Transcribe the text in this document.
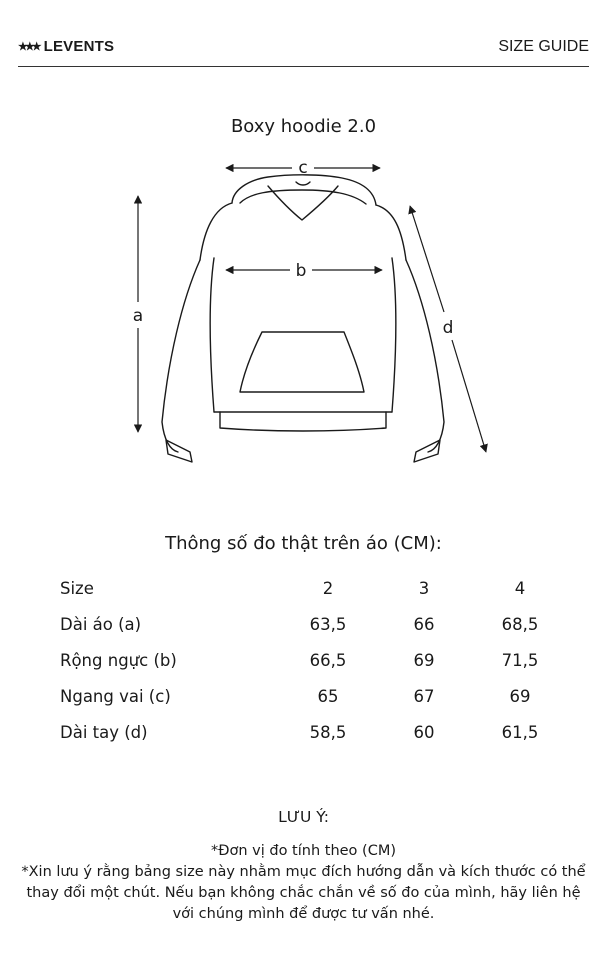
★★★ LEVENTS	SIZE GUIDE
Boxy hoodie 2.0
c
b
a
d
Thông số đo thật trên áo (CM):
Size	2	3	4
Dài áo (a)	63,5	66	68,5
Rộng ngực (b)	66,5	69	71,5
Ngang vai (c)	65	67	69
Dài tay (d)	58,5	60	61,5
LƯU Ý:
*Đơn vị đo tính theo (CM)
*Xin lưu ý rằng bảng size này nhằm mục đích hướng dẫn và kích thước có thể thay đổi một chút. Nếu bạn không chắc chắn về số đo của mình, hãy liên hệ với chúng mình để được tư vấn nhé.
